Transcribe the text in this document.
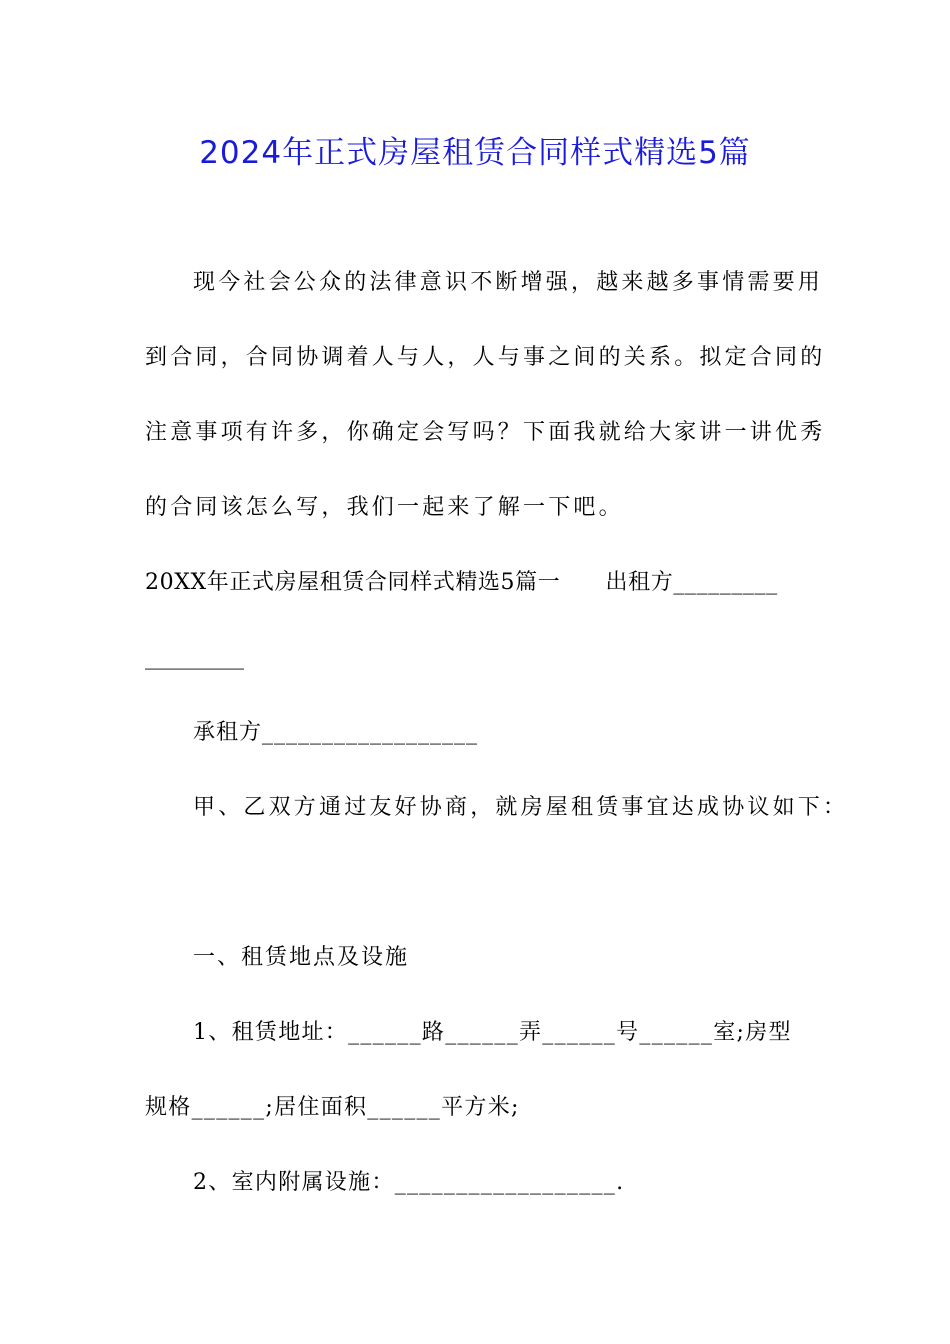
2024年正式房屋租赁合同样式精选5篇
现今社会公众的法律意识不断增强，越来越多事情需要用
到合同，合同协调着人与人，人与事之间的关系。拟定合同的
注意事项有许多，你确定会写吗？下面我就给大家讲一讲优秀
的合同该怎么写，我们一起来了解一下吧。
20XX年正式房屋租赁合同样式精选5篇一　　出租方_________
_________
承租方__________________
甲、乙双方通过友好协商，就房屋租赁事宜达成协议如下：
一、租赁地点及设施
1、租赁地址：______路______弄______号______室;房型
规格______;居住面积______平方米;
2、室内附属设施：__________________.
